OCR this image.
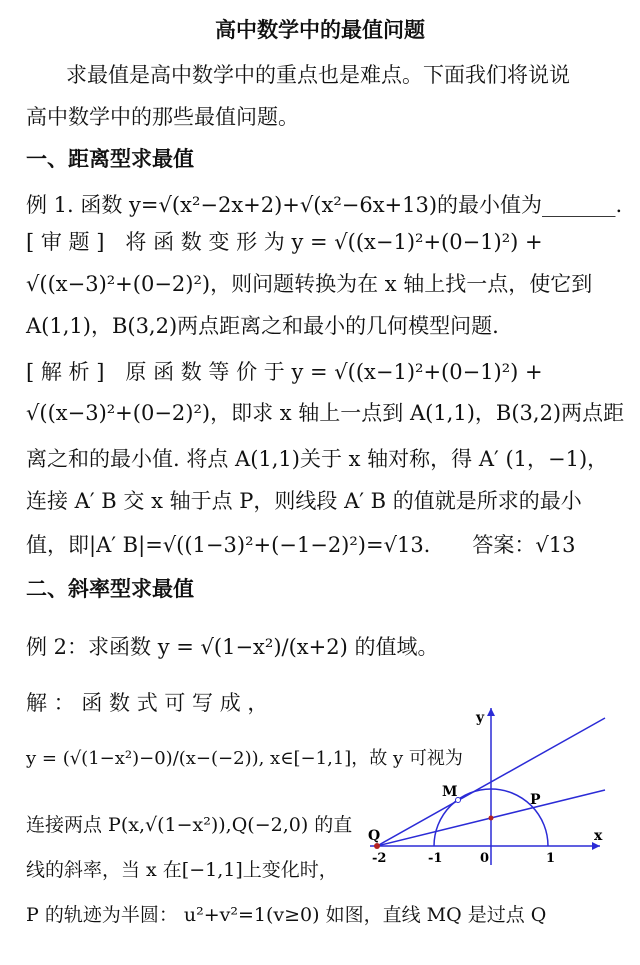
高中数学中的最值问题
求最值是高中数学中的重点也是难点。下面我们将说说
高中数学中的那些最值问题。
一、距离型求最值
例 1. 函数 y=√(x²−2x+2)+√(x²−6x+13)的最小值为_______.
[ 审 题 ]　将 函 数 变 形 为 y = √((x−1)²+(0−1)²) +
√((x−3)²+(0−2)²)，则问题转换为在 x 轴上找一点，使它到
A(1,1)，B(3,2)两点距离之和最小的几何模型问题.
[ 解 析 ]　原 函 数 等 价 于 y = √((x−1)²+(0−1)²) +
√((x−3)²+(0−2)²)，即求 x 轴上一点到 A(1,1)，B(3,2)两点距
离之和的最小值. 将点 A(1,1)关于 x 轴对称，得 A′ (1，−1)，
连接 A′ B 交 x 轴于点 P，则线段 A′ B 的值就是所求的最小
值，即|A′ B|=√((1−3)²+(−1−2)²)=√13.　　答案：√13
二、斜率型求最值
例 2：求函数 y = √(1−x²)/(x+2) 的值域。
解 ： 函 数 式 可 写 成 ，
y = (√(1−x²)−0)/(x−(−2)), x∈[−1,1]，故 y 可视为
连接两点 P(x,√(1−x²)),Q(−2,0) 的直
线的斜率，当 x 在[−1,1]上变化时，
P 的轨迹为半圆： u²+v²=1(v≥0) 如图，直线 MQ 是过点 Q
x
y
Q
M	P
-2	-1	0	1
